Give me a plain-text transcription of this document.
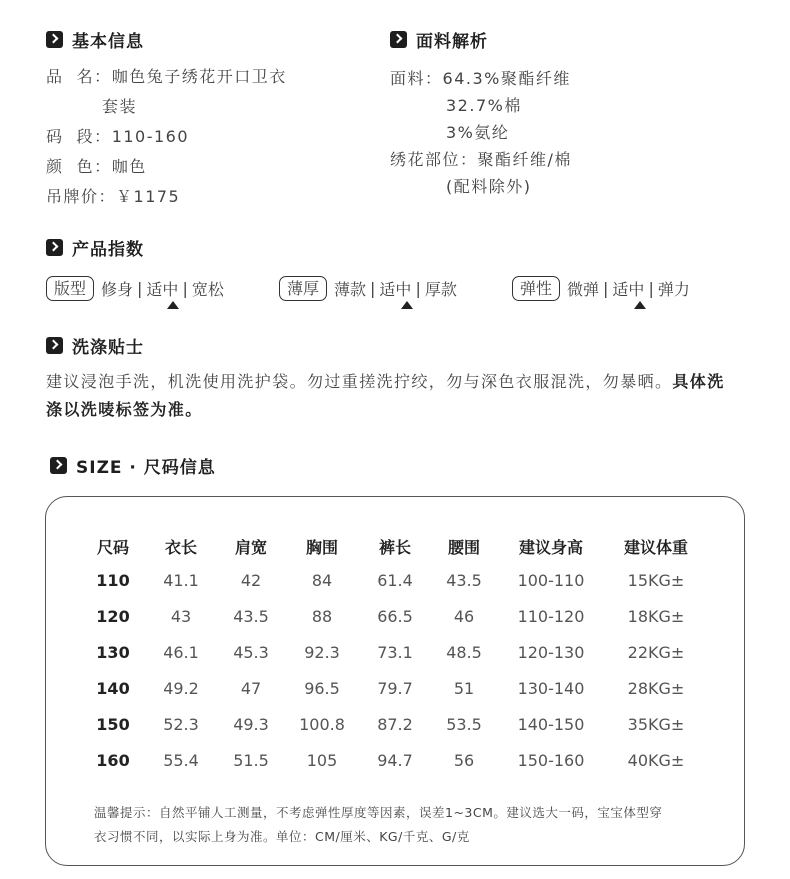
基本信息
品  名：咖色兔子绣花开口卫衣
套装
码  段：110-160
颜  色：咖色
吊牌价：￥1175
面料解析
面料：64.3%聚酯纤维
32.7%棉
3%氨纶
绣花部位：聚酯纤维/棉
(配料除外)
产品指数
版型 修身 | 适中 | 宽松	薄厚 薄款 | 适中 | 厚款	弹性 微弹 | 适中 | 弹力
洗涤贴士
建议浸泡手洗，机洗使用洗护袋。勿过重搓洗拧绞，勿与深色衣服混洗，勿暴晒。具体洗涤以洗唛标签为准。
SIZE · 尺码信息
尺码	衣长	肩宽	胸围	裤长	腰围	建议身高	建议体重
110	41.1	42	84	61.4	43.5	100-110	15KG±
120	43	43.5	88	66.5	46	110-120	18KG±
130	46.1	45.3	92.3	73.1	48.5	120-130	22KG±
140	49.2	47	96.5	79.7	51	130-140	28KG±
150	52.3	49.3	100.8	87.2	53.5	140-150	35KG±
160	55.4	51.5	105	94.7	56	150-160	40KG±
温馨提示：自然平铺人工测量，不考虑弹性厚度等因素，误差1~3CM。建议选大一码，宝宝体型穿
衣习惯不同，以实际上身为准。单位：CM/厘米、KG/千克、G/克
